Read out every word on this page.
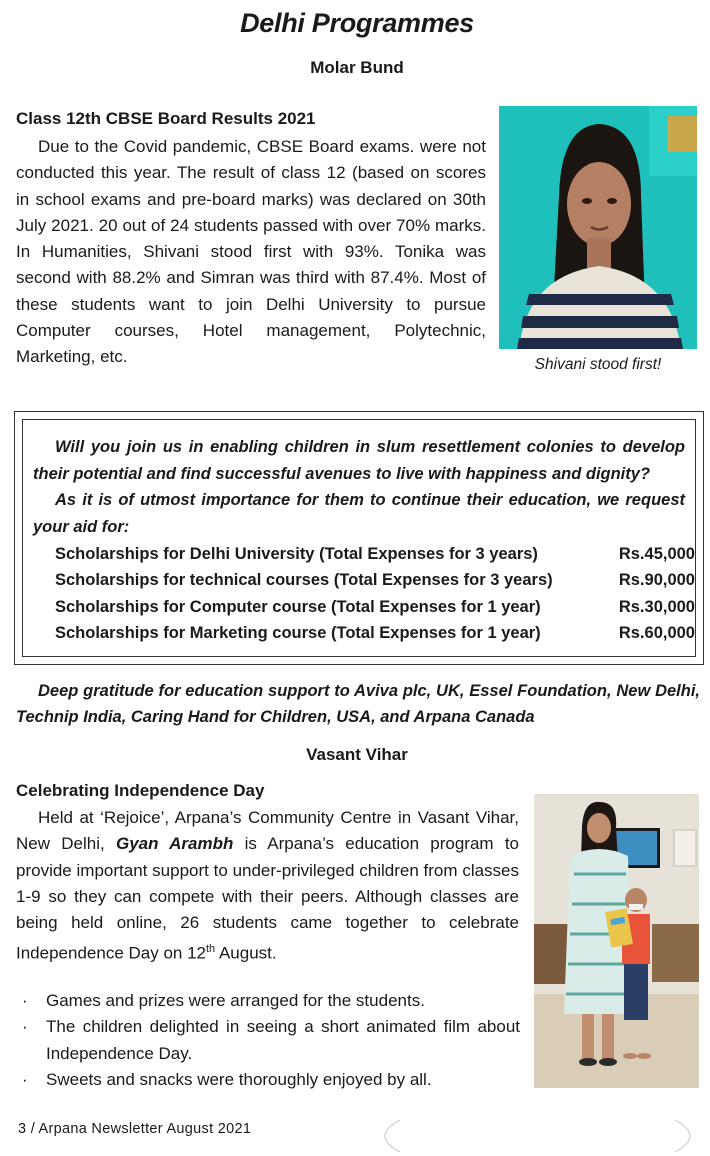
Delhi Programmes
Molar Bund
Class 12th CBSE Board Results 2021

Due to the Covid pandemic, CBSE Board exams. were not conducted this year. The result of class 12 (based on scores in school exams and pre-board marks) was declared on 30th July 2021. 20 out of 24 students passed with over 70% marks. In Humanities, Shivani stood first with 93%. Tonika was second with 88.2% and Simran was third with 87.4%. Most of these students want to join Delhi University to pursue Computer courses, Hotel management, Polytechnic, Marketing, etc.	Shivani stood first!

Will you join us in enabling children in slum resettlement colonies to develop their potential and find successful avenues to live with happiness and dignity?
As it is of utmost importance for them to continue their education, we request your aid for:

Scholarships for Delhi University (Total Expenses for 3 years)	Rs.45,000
Scholarships for technical courses (Total Expenses for 3 years)	Rs.90,000
Scholarships for Computer course (Total Expenses for 1 year)	Rs.30,000
Scholarships for Marketing course (Total Expenses for 1 year)	Rs.60,000

Deep gratitude for education support to Aviva plc, UK, Essel Foundation, New Delhi, Technip India, Caring Hand for Children, USA, and Arpana Canada

Vasant Vihar
Celebrating Independence Day

Held at ‘Rejoice’, Arpana’s Community Centre in Vasant Vihar, New Delhi, Gyan Arambh is Arpana’s education program to provide important support to under-privileged children from classes 1-9 so they can compete with their peers. Although classes are being held online, 26 students came together to celebrate Independence Day on 12th August.

· Games and prizes were arranged for the students.
· The children delighted in seeing a short animated film about Independence Day.
· Sweets and snacks were thoroughly enjoyed by all.
3 / Arpana Newsletter August 2021
